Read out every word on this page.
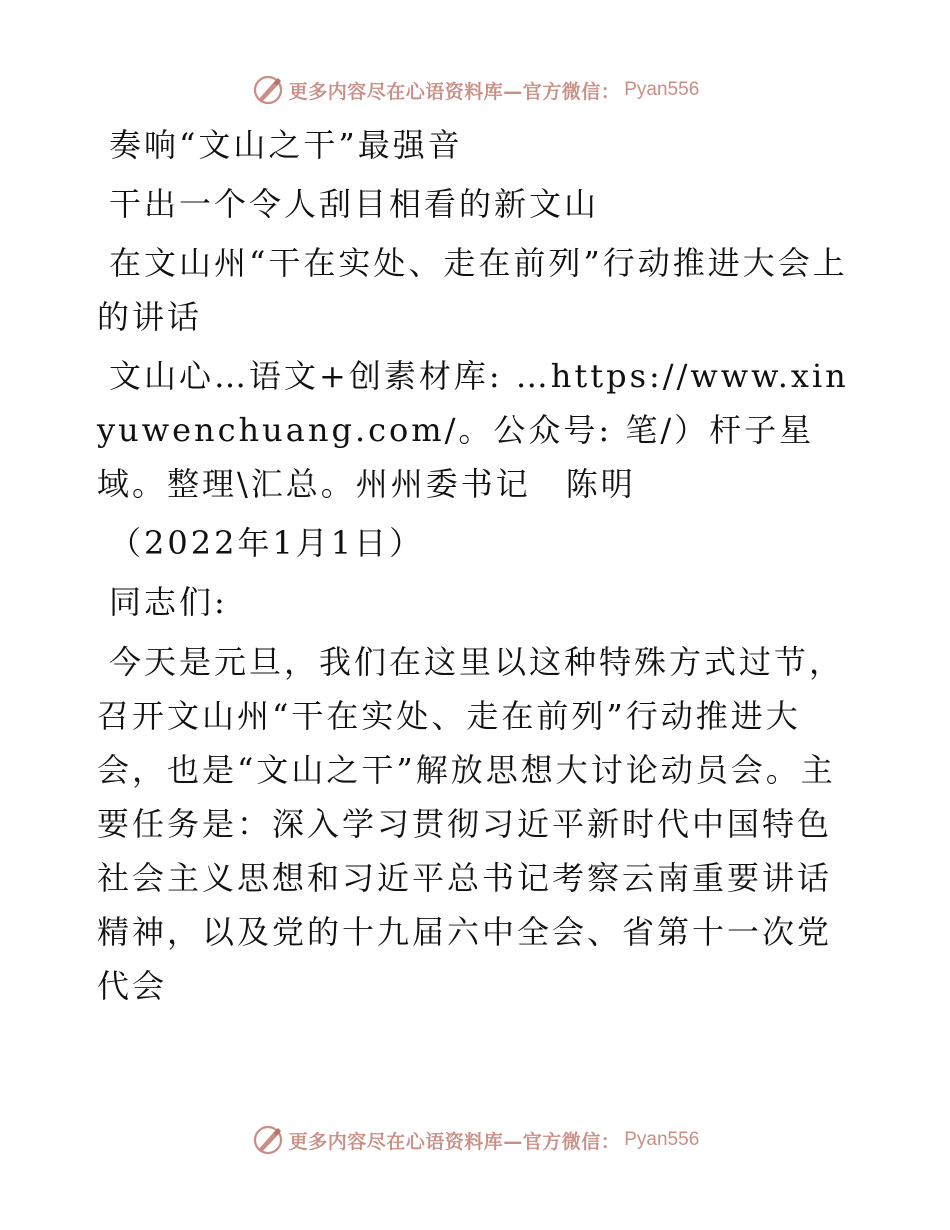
更多内容尽在心语资料库—官方微信： Pyan556

奏响“文山之干”最强音

干出一个令人刮目相看的新文山

在文山州“干在实处、走在前列”行动推进大会上的讲话

文山心…语文+创素材库: …https://www.xinyuwenchuang.com/。公众号: 笔/）杆子星域。整理\汇总。州州委书记　陈明

（2022年1月1日）

同志们:

今天是元旦，我们在这里以这种特殊方式过节，召开文山州“干在实处、走在前列”行动推进大会，也是“文山之干”解放思想大讨论动员会。主要任务是：深入学习贯彻习近平新时代中国特色社会主义思想和习近平总书记考察云南重要讲话精神，以及党的十九届六中全会、省第十一次党代会

更多内容尽在心语资料库—官方微信： Pyan556
